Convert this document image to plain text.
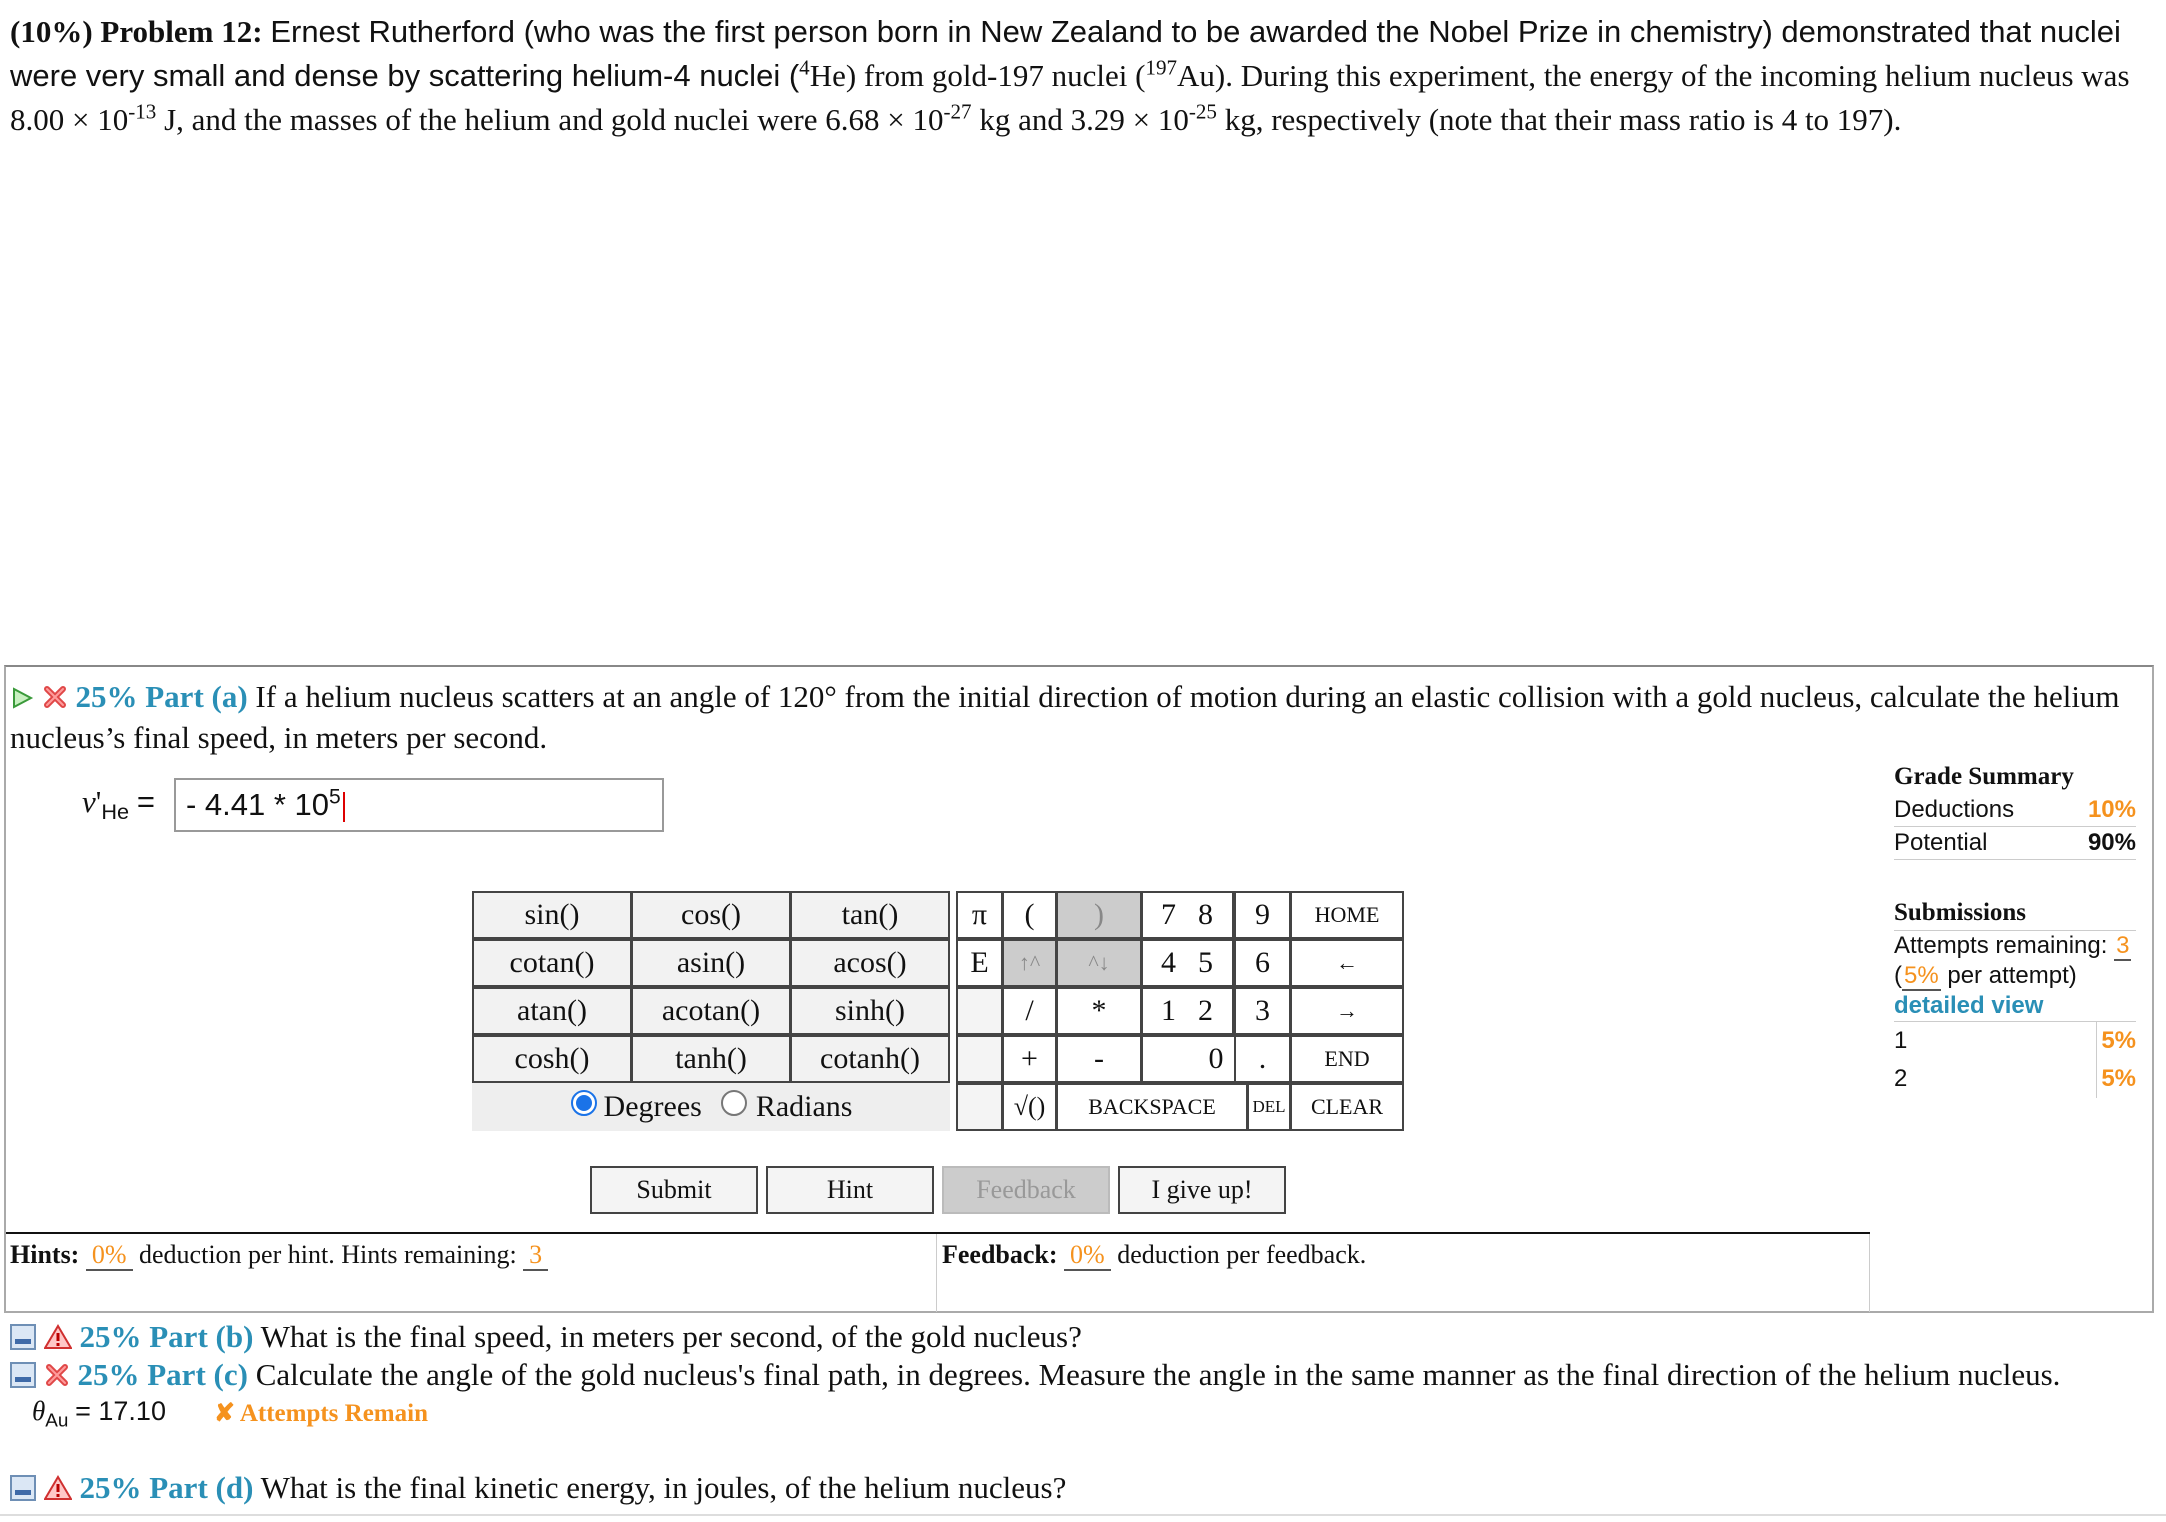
(10%) Problem 12: Ernest Rutherford (who was the first person born in New Zealand to be awarded the Nobel Prize in chemistry) demonstrated that nuclei were very small and dense by scattering helium-4 nuclei ($^4$He) from gold-197 nuclei ($^{197}$Au). During this experiment, the energy of the incoming helium nucleus was $8.00 \times 10^{-13}$ J, and the masses of the helium and gold nuclei were $6.68 \times 10^{-27}$ kg and $3.29 \times 10^{-25}$ kg, respectively (note that their mass ratio is 4 to 197).
25% Part (a) If a helium nucleus scatters at an angle of 120° from the initial direction of motion during an elastic collision with a gold nucleus, calculate the helium nucleus’s final speed, in meters per second.
$v'_{He}$ =	- $4.41 * 10^5$
sin()	cos()	tan()
cotan()	asin()	acos()
atan()	acotan()	sinh()
cosh()	tanh()	cotanh()
Degrees Radians
π	(	)	7 8	9	HOME
E	↑^	^↓	4 5	6	←
/	*	1 2	3	→
+	-	0	.	END
√()	BACKSPACE	DEL	CLEAR
Submit	Hint	Feedback	I give up!
Grade Summary
Deductions	10%
Potential	90%
Submissions
Attempts remaining: 3
(5% per attempt)
detailed view
1	5%
2	5%
Hints: 0% deduction per hint. Hints remaining: 3	Feedback: 0% deduction per feedback.
25% Part (b) What is the final speed, in meters per second, of the gold nucleus?
25% Part (c) Calculate the angle of the gold nucleus's final path, in degrees. Measure the angle in the same manner as the final direction of the helium nucleus.
$\theta_{Au} = 17.10$ ✘ Attempts Remain
25% Part (d) What is the final kinetic energy, in joules, of the helium nucleus?
